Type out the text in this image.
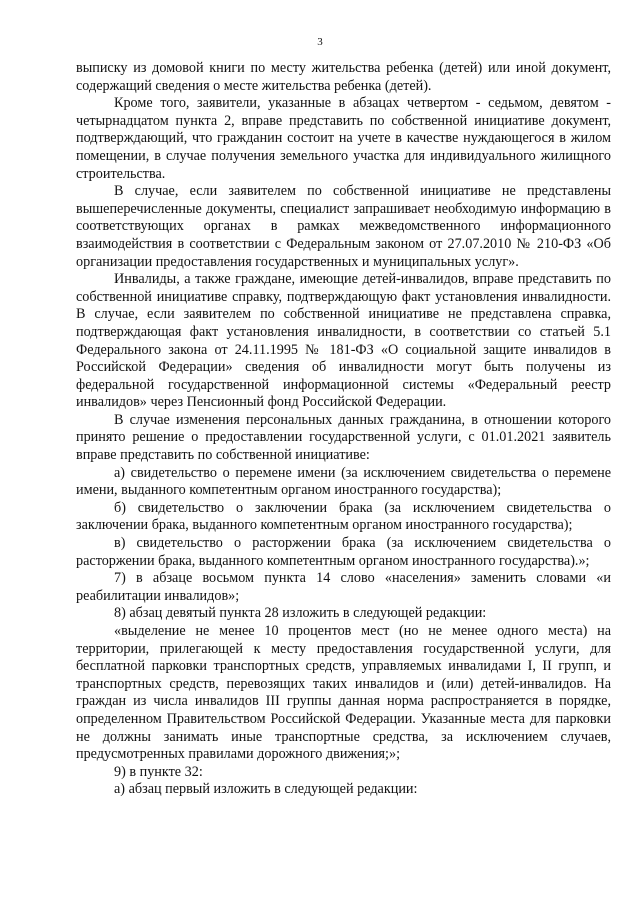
3

выписку из домовой книги по месту жительства ребенка (детей) или иной документ, содержащий сведения о месте жительства ребенка (детей).

Кроме того, заявители, указанные в абзацах четвертом - седьмом, девятом - четырнадцатом пункта 2, вправе представить по собственной инициативе документ, подтверждающий, что гражданин состоит на учете в качестве нуждающегося в жилом помещении, в случае получения земельного участка для индивидуального жилищного строительства.

В случае, если заявителем по собственной инициативе не представлены вышеперечисленные документы, специалист запрашивает необходимую информацию в соответствующих органах в рамках межведомственного информационного взаимодействия в соответствии с Федеральным законом от 27.07.2010 № 210-ФЗ «Об организации предоставления государственных и муниципальных услуг».

Инвалиды, а также граждане, имеющие детей-инвалидов, вправе представить по собственной инициативе справку, подтверждающую факт установления инвалидности. В случае, если заявителем по собственной инициативе не представлена справка, подтверждающая факт установления инвалидности, в соответствии со статьей 5.1 Федерального закона от 24.11.1995 № 181-ФЗ «О социальной защите инвалидов в Российской Федерации» сведения об инвалидности могут быть получены из федеральной государственной информационной системы «Федеральный реестр инвалидов» через Пенсионный фонд Российской Федерации.

В случае изменения персональных данных гражданина, в отношении которого принято решение о предоставлении государственной услуги, с 01.01.2021 заявитель вправе представить по собственной инициативе:

а) свидетельство о перемене имени (за исключением свидетельства о перемене имени, выданного компетентным органом иностранного государства);

б) свидетельство о заключении брака (за исключением свидетельства о заключении брака, выданного компетентным органом иностранного государства);

в) свидетельство о расторжении брака (за исключением свидетельства о расторжении брака, выданного компетентным органом иностранного государства).»;

7) в абзаце восьмом пункта 14 слово «населения» заменить словами «и реабилитации инвалидов»;

8) абзац девятый пункта 28 изложить в следующей редакции:

«выделение не менее 10 процентов мест (но не менее одного места) на территории, прилегающей к месту предоставления государственной услуги, для бесплатной парковки транспортных средств, управляемых инвалидами I, II групп, и транспортных средств, перевозящих таких инвалидов и (или) детей-инвалидов. На граждан из числа инвалидов III группы данная норма распространяется в порядке, определенном Правительством Российской Федерации. Указанные места для парковки не должны занимать иные транспортные средства, за исключением случаев, предусмотренных правилами дорожного движения;»;

9) в пункте 32:

а) абзац первый изложить в следующей редакции:
